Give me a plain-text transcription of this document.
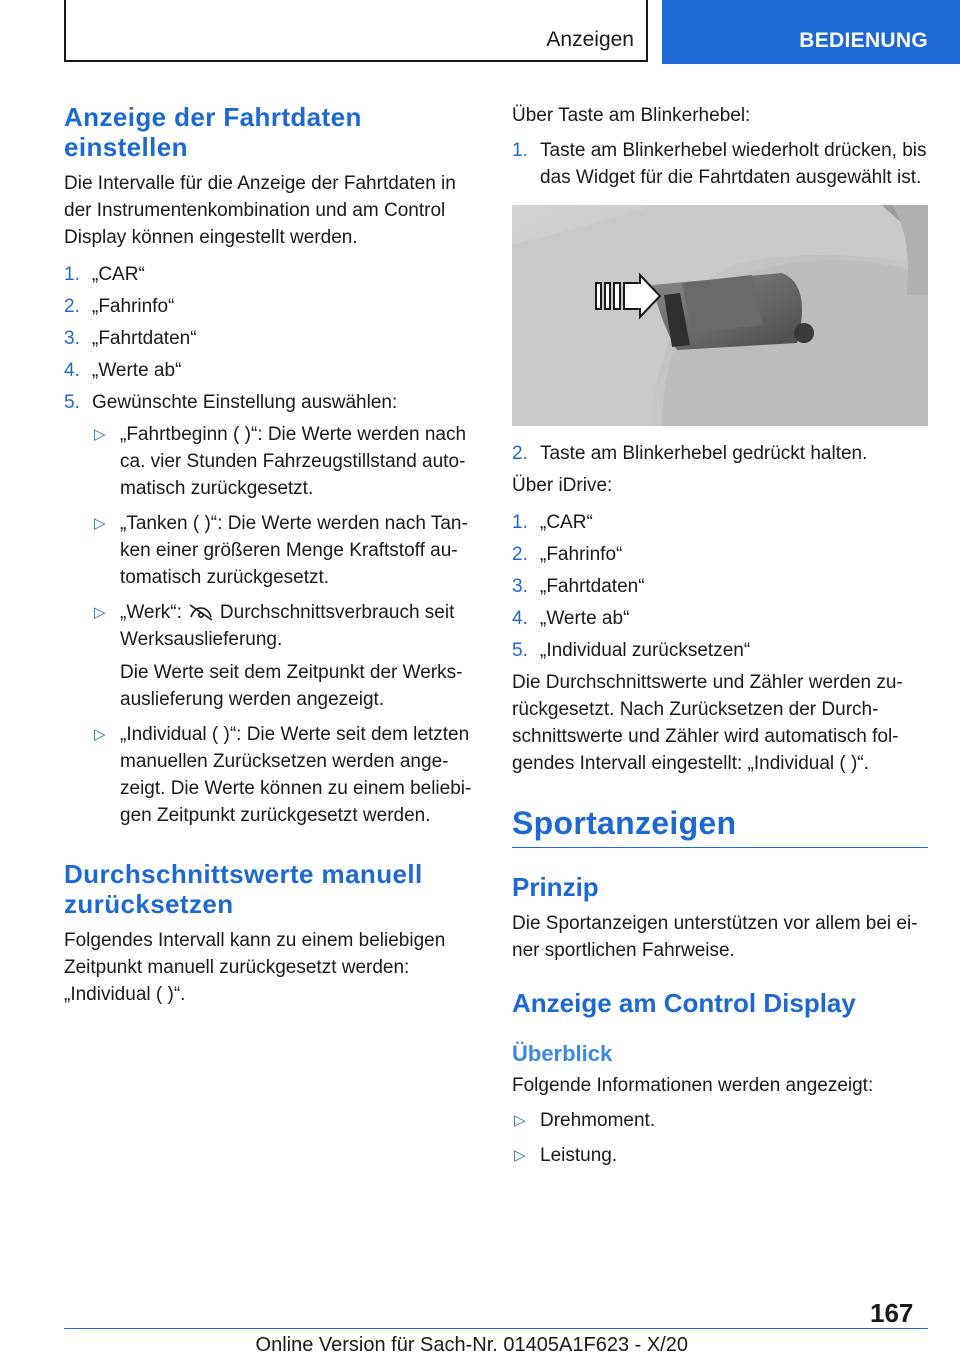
Anzeigen	BEDIENUNG
Anzeige der Fahrtdaten einstellen

Die Intervalle für die Anzeige der Fahrtdaten in der Instrumentenkombination und am Control Display können eingestellt werden.

1. „CAR“
2. „Fahrinfo“
3. „Fahrtdaten“
4. „Werte ab“
5. Gewünschte Einstellung auswählen:
▷ „Fahrtbeginn ( )“: Die Werte werden nach ca. vier Stunden Fahrzeugstillstand automatisch zurückgesetzt.
▷ „Tanken ( )“: Die Werte werden nach Tanken einer größeren Menge Kraftstoff automatisch zurückgesetzt.
▷ „Werk“: Durchschnittsverbrauch seit Werksauslieferung.
Die Werte seit dem Zeitpunkt der Werksauslieferung werden angezeigt.
▷ „Individual ( )“: Die Werte seit dem letzten manuellen Zurücksetzen werden angezeigt. Die Werte können zu einem beliebigen Zeitpunkt zurückgesetzt werden.
Durchschnittswerte manuell zurücksetzen

Folgendes Intervall kann zu einem beliebigen Zeitpunkt manuell zurückgesetzt werden: „Individual ( )“.

Über Taste am Blinkerhebel:

1. Taste am Blinkerhebel wiederholt drücken, bis das Widget für die Fahrtdaten ausgewählt ist.
2. Taste am Blinkerhebel gedrückt halten.

Über iDrive:

1. „CAR“
2. „Fahrinfo“
3. „Fahrtdaten“
4. „Werte ab“
5. „Individual zurücksetzen“

Die Durchschnittswerte und Zähler werden zurückgesetzt. Nach Zurücksetzen der Durchschnittswerte und Zähler wird automatisch folgendes Intervall eingestellt: „Individual ( )“.

Sportanzeigen
Prinzip

Die Sportanzeigen unterstützen vor allem bei einer sportlichen Fahrweise.

Anzeige am Control Display
Überblick

Folgende Informationen werden angezeigt:

▷ Drehmoment.
▷ Leistung.
167
Online Version für Sach-Nr. 01405A1F623 - X/20
